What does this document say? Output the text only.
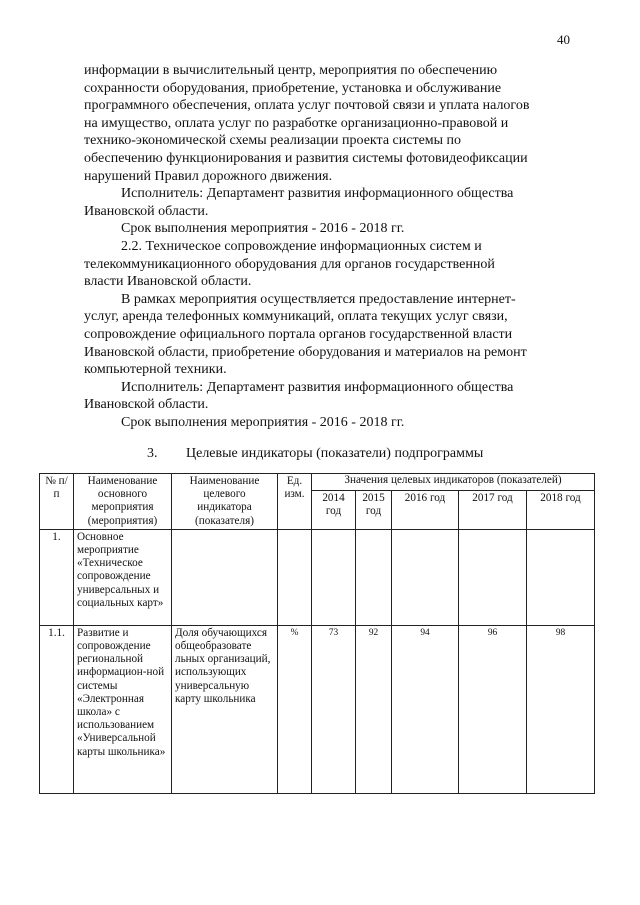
40

информации в вычислительный центр, мероприятия по обеспечению

сохранности оборудования, приобретение, установка и обслуживание

программного обеспечения, оплата услуг почтовой связи и уплата налогов

на имущество, оплата услуг по разработке организационно-правовой и

технико-экономической схемы реализации проекта системы по

обеспечению функционирования и развития системы фотовидеофиксации

нарушений Правил дорожного движения.

Исполнитель: Департамент развития информационного общества

Ивановской области.

Срок выполнения мероприятия - 2016 - 2018 гг.

2.2. Техническое сопровождение информационных систем и

телекоммуникационного оборудования для органов государственной

власти Ивановской области.

В рамках мероприятия осуществляется предоставление интернет-

услуг, аренда телефонных коммуникаций, оплата текущих услуг связи,

сопровождение официального портала органов государственной власти

Ивановской области, приобретение оборудования и материалов на ремонт

компьютерной техники.

Исполнитель: Департамент развития информационного общества

Ивановской области.

Срок выполнения мероприятия - 2016 - 2018 гг.

3. Целевые индикаторы (показатели) подпрограммы
№ п/п	Наименование основного мероприятия (мероприятия)	Наименование целевого индикатора (показателя)	Ед. изм.	Значения целевых индикаторов (показателей)				
				2014 год	2015 год	2016 год	2017 год	2018 год
1.	Основное мероприятие «Техническое сопровождение универсальных и социальных карт»							
1.1.	Развитие и сопровождение региональной информацион-ной системы «Электронная школа» с использованием «Универсальной карты школьника»	Доля обучающихся общеобразовате льных организаций, использующих универсальную карту школьника	%	73	92	94	96	98
